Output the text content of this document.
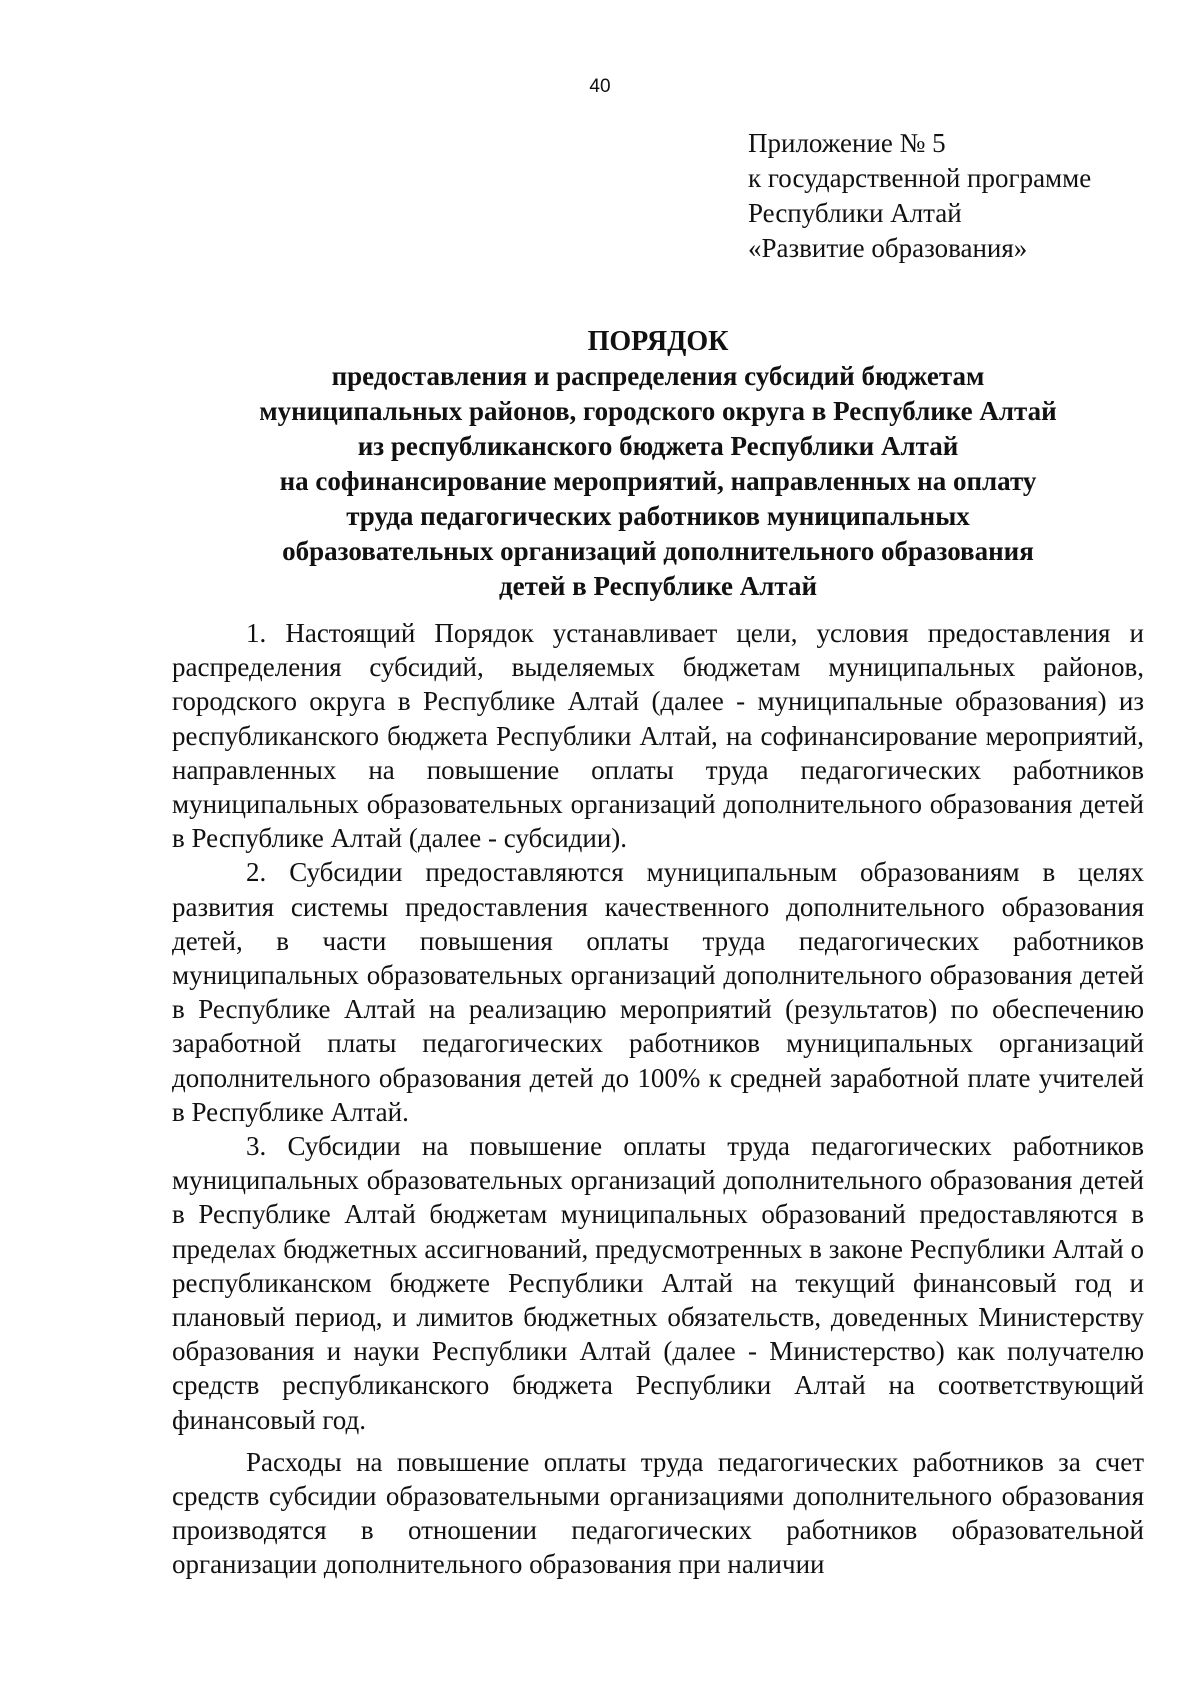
40
Приложение № 5
к государственной программе
Республики Алтай
«Развитие образования»
ПОРЯДОК
предоставления и распределения субсидий бюджетам
муниципальных районов, городского округа в Республике Алтай
из республиканского бюджета Республики Алтай
на софинансирование мероприятий, направленных на оплату
труда педагогических работников муниципальных
образовательных организаций дополнительного образования
детей в Республике Алтай

1. Настоящий Порядок устанавливает цели, условия предоставления и распределения субсидий, выделяемых бюджетам муниципальных районов, городского округа в Республике Алтай (далее - муниципальные образования) из республиканского бюджета Республики Алтай, на софинансирование мероприятий, направленных на повышение оплаты труда педагогических работников муниципальных образовательных организаций дополнительного образования детей в Республике Алтай (далее - субсидии).

2. Субсидии предоставляются муниципальным образованиям в целях развития системы предоставления качественного дополнительного образования детей, в части повышения оплаты труда педагогических работников муниципальных образовательных организаций дополнительного образования детей в Республике Алтай на реализацию мероприятий (результатов) по обеспечению заработной платы педагогических работников муниципальных организаций дополнительного образования детей до 100% к средней заработной плате учителей в Республике Алтай.

3. Субсидии на повышение оплаты труда педагогических работников муниципальных образовательных организаций дополнительного образования детей в Республике Алтай бюджетам муниципальных образований предоставляются в пределах бюджетных ассигнований, предусмотренных в законе Республики Алтай о республиканском бюджете Республики Алтай на текущий финансовый год и плановый период, и лимитов бюджетных обязательств, доведенных Министерству образования и науки Республики Алтай (далее - Министерство) как получателю средств республиканского бюджета Республики Алтай на соответствующий финансовый год.

Расходы на повышение оплаты труда педагогических работников за счет средств субсидии образовательными организациями дополнительного образования производятся в отношении педагогических работников образовательной организации дополнительного образования при наличии
